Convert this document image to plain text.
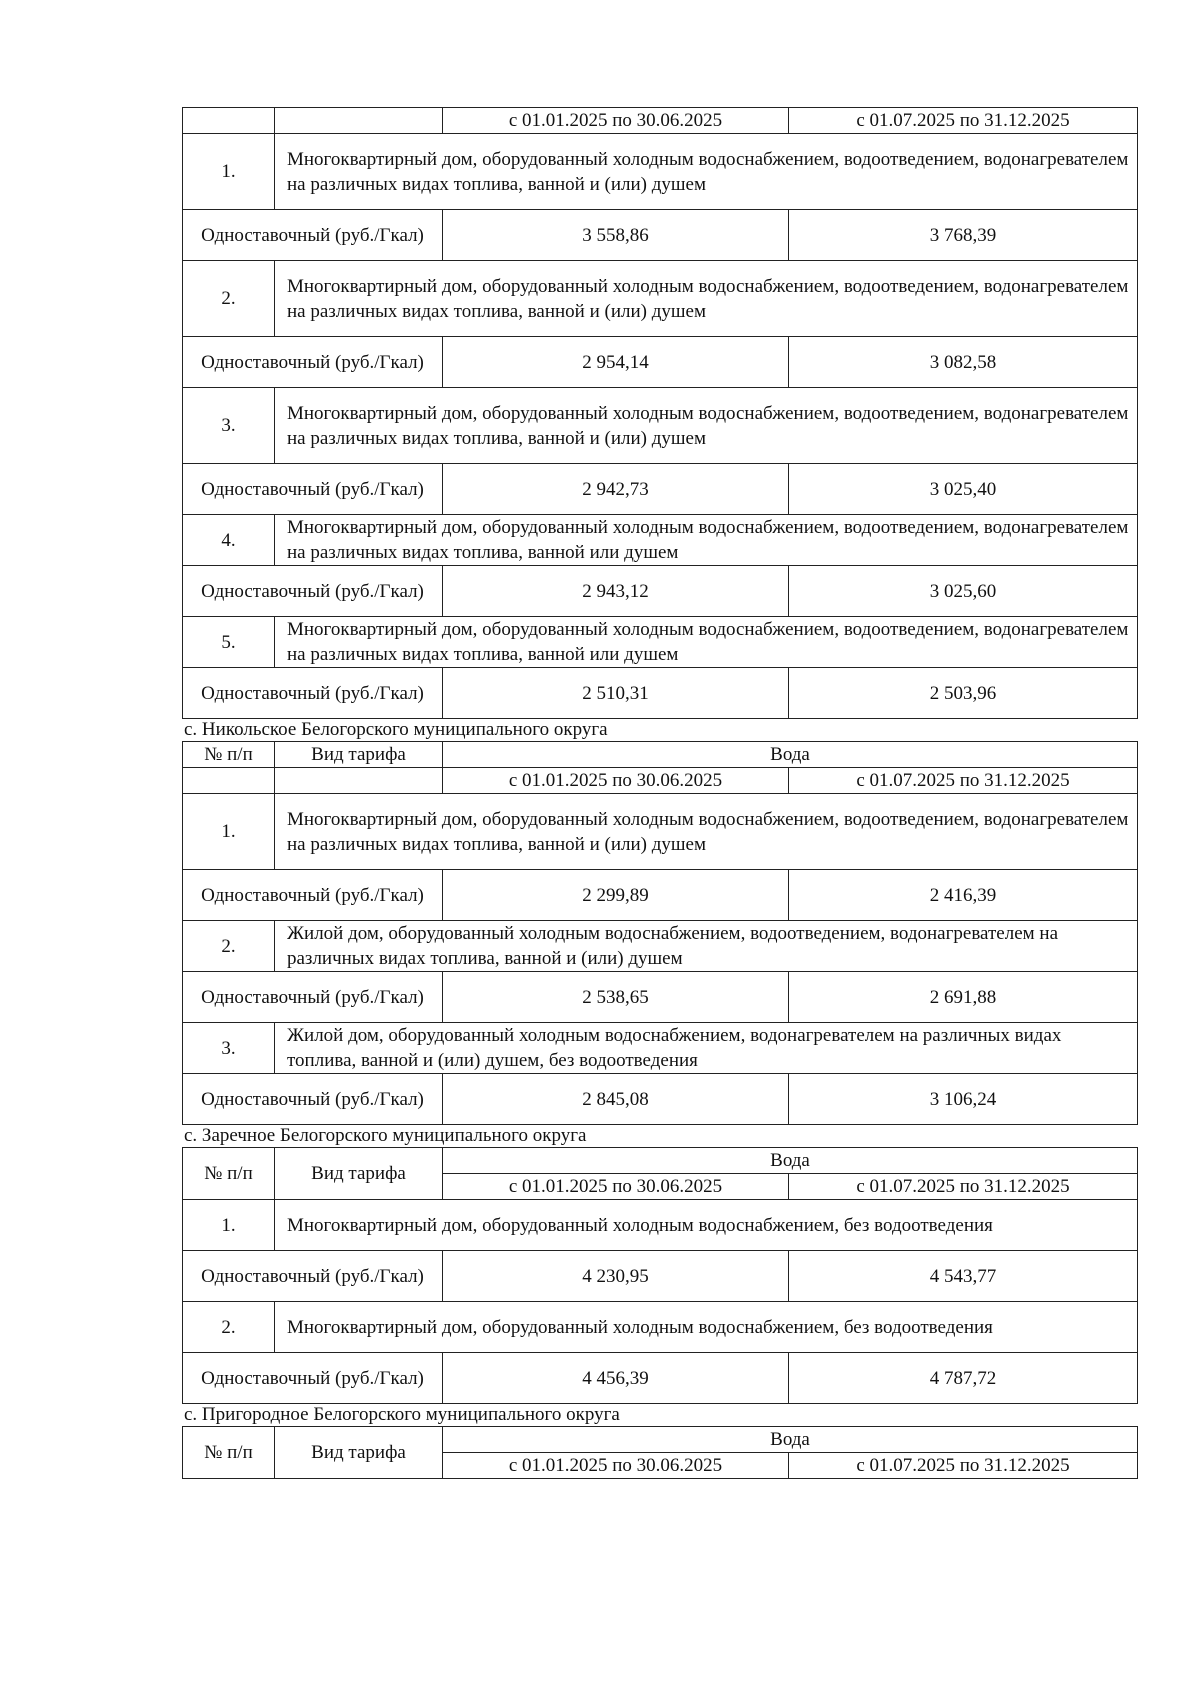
		с 01.01.2025 по 30.06.2025	с 01.07.2025 по 31.12.2025
1.	Многоквартирный дом, оборудованный холодным водоснабжением, водоотведением, водонагревателем на различных видах топлива, ванной и (или) душем		
Одноставочный (руб./Гкал)		3 558,86	3 768,39
2.	Многоквартирный дом, оборудованный холодным водоснабжением, водоотведением, водонагревателем на различных видах топлива, ванной и (или) душем		
Одноставочный (руб./Гкал)		2 954,14	3 082,58
3.	Многоквартирный дом, оборудованный холодным водоснабжением, водоотведением, водонагревателем на различных видах топлива, ванной и (или) душем		
Одноставочный (руб./Гкал)		2 942,73	3 025,40
4.	Многоквартирный дом, оборудованный холодным водоснабжением, водоотведением, водонагревателем на различных видах топлива, ванной или душем		
Одноставочный (руб./Гкал)		2 943,12	3 025,60
5.	Многоквартирный дом, оборудованный холодным водоснабжением, водоотведением, водонагревателем на различных видах топлива, ванной или душем		
Одноставочный (руб./Гкал)		2 510,31	2 503,96
с. Никольское Белогорского муниципального округа
№ п/п	Вид тарифа	Вода	
		с 01.01.2025 по 30.06.2025	с 01.07.2025 по 31.12.2025
1.	Многоквартирный дом, оборудованный холодным водоснабжением, водоотведением, водонагревателем на различных видах топлива, ванной и (или) душем		
Одноставочный (руб./Гкал)		2 299,89	2 416,39
2.	Жилой дом, оборудованный холодным водоснабжением, водоотведением, водонагревателем на различных видах топлива, ванной и (или) душем		
Одноставочный (руб./Гкал)		2 538,65	2 691,88
3.	Жилой дом, оборудованный холодным водоснабжением, водонагревателем на различных видах топлива, ванной и (или) душем, без водоотведения		
Одноставочный (руб./Гкал)		2 845,08	3 106,24
с. Заречное Белогорского муниципального округа
№ п/п	Вид тарифа	Вода	
		с 01.01.2025 по 30.06.2025	с 01.07.2025 по 31.12.2025
1.	Многоквартирный дом, оборудованный холодным водоснабжением, без водоотведения		
Одноставочный (руб./Гкал)		4 230,95	4 543,77
2.	Многоквартирный дом, оборудованный холодным водоснабжением, без водоотведения		
Одноставочный (руб./Гкал)		4 456,39	4 787,72
с. Пригородное Белогорского муниципального округа
№ п/п	Вид тарифа	Вода	
		с 01.01.2025 по 30.06.2025	с 01.07.2025 по 31.12.2025
